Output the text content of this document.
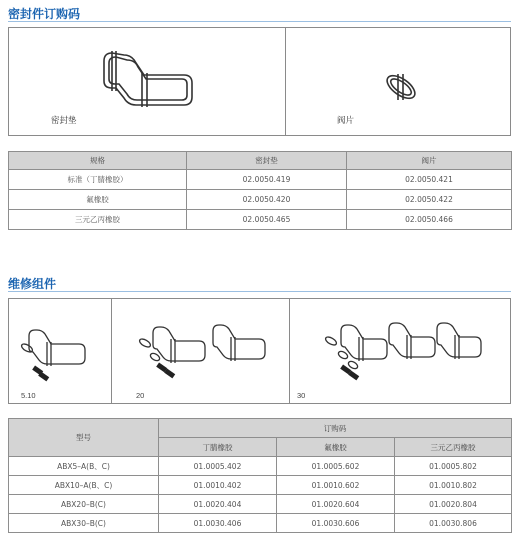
密封件订购码
密封垫	阀片
规格	密封垫	阀片
标准（丁腈橡胶）	02.0050.419	02.0050.421
氟橡胶	02.0050.420	02.0050.422
三元乙丙橡胶	02.0050.465	02.0050.466
维修组件
5.10	20	30
型号	订购码		
	丁腈橡胶	氟橡胶	三元乙丙橡胶
ABX5–A(B、C)	01.0005.402	01.0005.602	01.0005.802
ABX10–A(B、C)	01.0010.402	01.0010.602	01.0010.802
ABX20–B(C)	01.0020.404	01.0020.604	01.0020.804
ABX30–B(C)	01.0030.406	01.0030.606	01.0030.806
